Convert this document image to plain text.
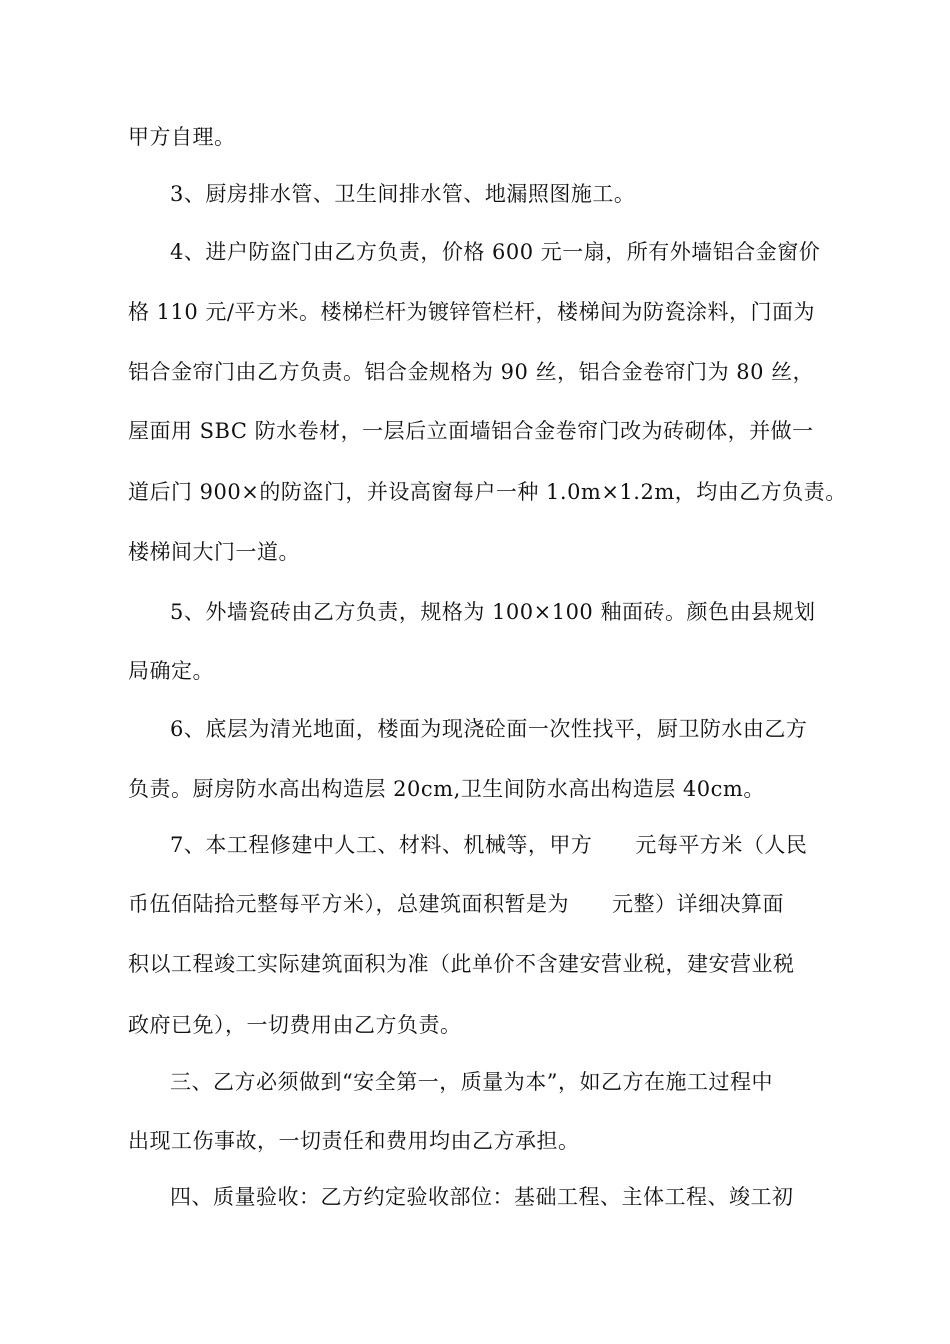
甲方自理。
3、厨房排水管、卫生间排水管、地漏照图施工。
4、进户防盗门由乙方负责，价格 600 元一扇，所有外墙铝合金窗价
格 110 元/平方米。楼梯栏杆为镀锌管栏杆，楼梯间为防瓷涂料，门面为
铝合金帘门由乙方负责。铝合金规格为 90 丝，铝合金卷帘门为 80 丝，
屋面用 SBC 防水卷材，一层后立面墙铝合金卷帘门改为砖砌体，并做一
道后门 900×的防盗门，并设高窗每户一种 1.0m×1.2m，均由乙方负责。
楼梯间大门一道。
5、外墙瓷砖由乙方负责，规格为 100×100 釉面砖。颜色由县规划
局确定。
6、底层为清光地面，楼面为现浇砼面一次性找平，厨卫防水由乙方
负责。厨房防水高出构造层 20cm,卫生间防水高出构造层 40cm。
7、本工程修建中人工、材料、机械等，甲方　　元每平方米（人民
币伍佰陆拾元整每平方米），总建筑面积暂是为　　元整）详细决算面
积以工程竣工实际建筑面积为准（此单价不含建安营业税，建安营业税
政府已免），一切费用由乙方负责。
三、乙方必须做到“安全第一，质量为本”，如乙方在施工过程中
出现工伤事故，一切责任和费用均由乙方承担。
四、质量验收：乙方约定验收部位：基础工程、主体工程、竣工初
